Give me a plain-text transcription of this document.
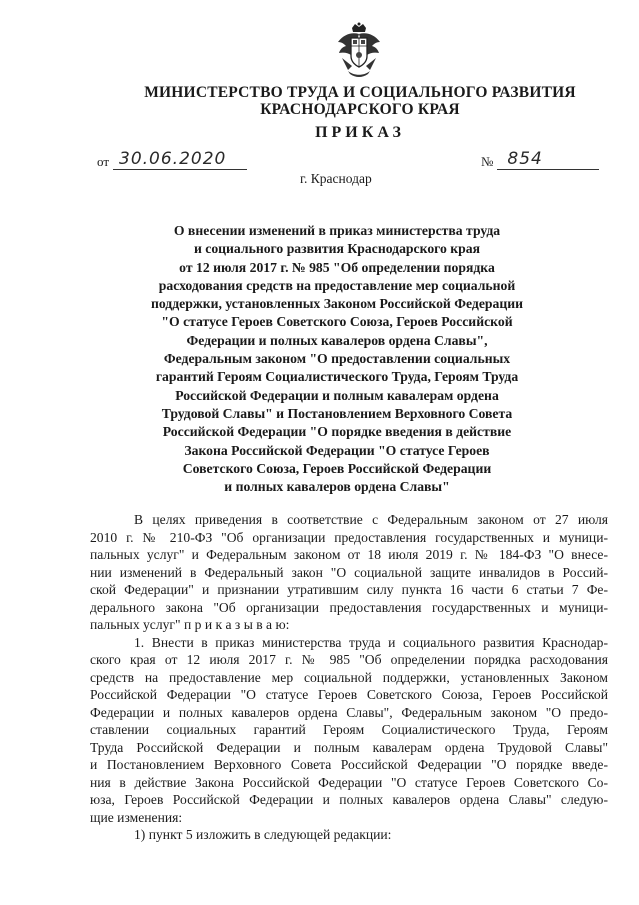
МИНИСТЕРСТВО ТРУДА И СОЦИАЛЬНОГО РАЗВИТИЯ
КРАСНОДАРСКОГО КРАЯ
ПРИКАЗ
от 30.06.2020	№ 854
г. Краснодар
О внесении изменений в приказ министерства труда
и социального развития Краснодарского края
от 12 июля 2017 г. № 985 "Об определении порядка
расходования средств на предоставление мер социальной
поддержки, установленных Законом Российской Федерации
"О статусе Героев Советского Союза, Героев Российской
Федерации и полных кавалеров ордена Славы",
Федеральным законом "О предоставлении социальных
гарантий Героям Социалистического Труда, Героям Труда
Российской Федерации и полным кавалерам ордена
Трудовой Славы" и Постановлением Верховного Совета
Российской Федерации "О порядке введения в действие
Закона Российской Федерации "О статусе Героев
Советского Союза, Героев Российской Федерации
и полных кавалеров ордена Славы"
В целях приведения в соответствие с Федеральным законом от 27 июля
2010 г. № 210-ФЗ "Об организации предоставления государственных и муници-
пальных услуг" и Федеральным законом от 18 июля 2019 г. № 184-ФЗ "О внесе-
нии изменений в Федеральный закон "О социальной защите инвалидов в Россий-
ской Федерации" и признании утратившим силу пункта 16 части 6 статьи 7 Фе-
дерального закона "Об организации предоставления государственных и муници-
пальных услуг" п р и к а з ы в а ю:
1. Внести в приказ министерства труда и социального развития Краснодар-
ского края от 12 июля 2017 г. № 985 "Об определении порядка расходования
средств на предоставление мер социальной поддержки, установленных Законом
Российской Федерации "О статусе Героев Советского Союза, Героев Российской
Федерации и полных кавалеров ордена Славы", Федеральным законом "О предо-
ставлении социальных гарантий Героям Социалистического Труда, Героям
Труда Российской Федерации и полным кавалерам ордена Трудовой Славы"
и Постановлением Верховного Совета Российской Федерации "О порядке введе-
ния в действие Закона Российской Федерации "О статусе Героев Советского Со-
юза, Героев Российской Федерации и полных кавалеров ордена Славы" следую-
щие изменения:
1) пункт 5 изложить в следующей редакции:
